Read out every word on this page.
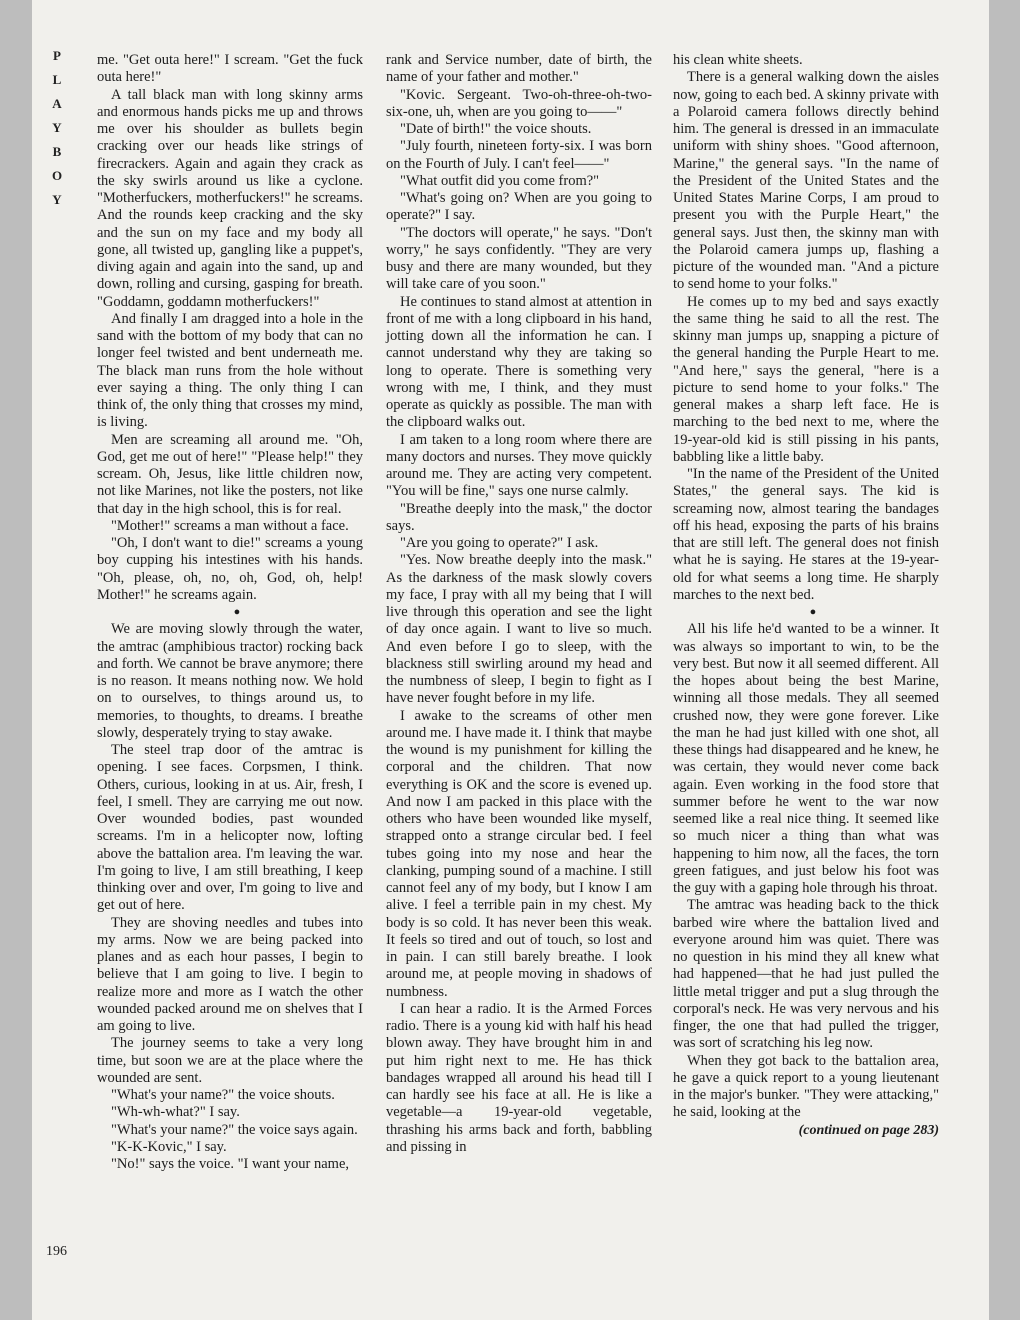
P
L
A
Y
B
O
Y
196

me. "Get outa here!" I scream. "Get the fuck outa here!"

A tall black man with long skinny arms and enormous hands picks me up and throws me over his shoulder as bullets begin cracking over our heads like strings of firecrackers. Again and again they crack as the sky swirls around us like a cyclone. "Motherfuckers, motherfuckers!" he screams. And the rounds keep cracking and the sky and the sun on my face and my body all gone, all twisted up, gangling like a puppet's, diving again and again into the sand, up and down, rolling and cursing, gasping for breath. "Goddamn, goddamn motherfuckers!"

And finally I am dragged into a hole in the sand with the bottom of my body that can no longer feel twisted and bent underneath me. The black man runs from the hole without ever saying a thing. The only thing I can think of, the only thing that crosses my mind, is living.

Men are screaming all around me. "Oh, God, get me out of here!" "Please help!" they scream. Oh, Jesus, like little children now, not like Marines, not like the posters, not like that day in the high school, this is for real.

"Mother!" screams a man without a face.

"Oh, I don't want to die!" screams a young boy cupping his intestines with his hands. "Oh, please, oh, no, oh, God, oh, help! Mother!" he screams again.

●

We are moving slowly through the water, the amtrac (amphibious tractor) rocking back and forth. We cannot be brave anymore; there is no reason. It means nothing now. We hold on to ourselves, to things around us, to memories, to thoughts, to dreams. I breathe slowly, desperately trying to stay awake.

The steel trap door of the amtrac is opening. I see faces. Corpsmen, I think. Others, curious, looking in at us. Air, fresh, I feel, I smell. They are carrying me out now. Over wounded bodies, past wounded screams. I'm in a helicopter now, lofting above the battalion area. I'm leaving the war. I'm going to live, I am still breathing, I keep thinking over and over, I'm going to live and get out of here.

They are shoving needles and tubes into my arms. Now we are being packed into planes and as each hour passes, I begin to believe that I am going to live. I begin to realize more and more as I watch the other wounded packed around me on shelves that I am going to live.

The journey seems to take a very long time, but soon we are at the place where the wounded are sent.

"What's your name?" the voice shouts.

"Wh-wh-what?" I say.

"What's your name?" the voice says again.

"K-K-Kovic," I say.

"No!" says the voice. "I want your name,

rank and Service number, date of birth, the name of your father and mother."

"Kovic. Sergeant. Two-oh-three-oh-two-six-one, uh, when are you going to——"

"Date of birth!" the voice shouts.

"July fourth, nineteen forty-six. I was born on the Fourth of July. I can't feel——"

"What outfit did you come from?"

"What's going on? When are you going to operate?" I say.

"The doctors will operate," he says. "Don't worry," he says confidently. "They are very busy and there are many wounded, but they will take care of you soon."

He continues to stand almost at attention in front of me with a long clipboard in his hand, jotting down all the information he can. I cannot understand why they are taking so long to operate. There is something very wrong with me, I think, and they must operate as quickly as possible. The man with the clipboard walks out.

I am taken to a long room where there are many doctors and nurses. They move quickly around me. They are acting very competent. "You will be fine," says one nurse calmly.

"Breathe deeply into the mask," the doctor says.

"Are you going to operate?" I ask.

"Yes. Now breathe deeply into the mask." As the darkness of the mask slowly covers my face, I pray with all my being that I will live through this operation and see the light of day once again. I want to live so much. And even before I go to sleep, with the blackness still swirling around my head and the numbness of sleep, I begin to fight as I have never fought before in my life.

I awake to the screams of other men around me. I have made it. I think that maybe the wound is my punishment for killing the corporal and the children. That now everything is OK and the score is evened up. And now I am packed in this place with the others who have been wounded like myself, strapped onto a strange circular bed. I feel tubes going into my nose and hear the clanking, pumping sound of a machine. I still cannot feel any of my body, but I know I am alive. I feel a terrible pain in my chest. My body is so cold. It has never been this weak. It feels so tired and out of touch, so lost and in pain. I can still barely breathe. I look around me, at people moving in shadows of numbness.

I can hear a radio. It is the Armed Forces radio. There is a young kid with half his head blown away. They have brought him in and put him right next to me. He has thick bandages wrapped all around his head till I can hardly see his face at all. He is like a vegetable—a 19-year-old vegetable, thrashing his arms back and forth, babbling and pissing in

his clean white sheets.

There is a general walking down the aisles now, going to each bed. A skinny private with a Polaroid camera follows directly behind him. The general is dressed in an immaculate uniform with shiny shoes. "Good afternoon, Marine," the general says. "In the name of the President of the United States and the United States Marine Corps, I am proud to present you with the Purple Heart," the general says. Just then, the skinny man with the Polaroid camera jumps up, flashing a picture of the wounded man. "And a picture to send home to your folks."

He comes up to my bed and says exactly the same thing he said to all the rest. The skinny man jumps up, snapping a picture of the general handing the Purple Heart to me. "And here," says the general, "here is a picture to send home to your folks." The general makes a sharp left face. He is marching to the bed next to me, where the 19-year-old kid is still pissing in his pants, babbling like a little baby.

"In the name of the President of the United States," the general says. The kid is screaming now, almost tearing the bandages off his head, exposing the parts of his brains that are still left. The general does not finish what he is saying. He stares at the 19-year-old for what seems a long time. He sharply marches to the next bed.

●

All his life he'd wanted to be a winner. It was always so important to win, to be the very best. But now it all seemed different. All the hopes about being the best Marine, winning all those medals. They all seemed crushed now, they were gone forever. Like the man he had just killed with one shot, all these things had disappeared and he knew, he was certain, they would never come back again. Even working in the food store that summer before he went to the war now seemed like a real nice thing. It seemed like so much nicer a thing than what was happening to him now, all the faces, the torn green fatigues, and just below his foot was the guy with a gaping hole through his throat.

The amtrac was heading back to the thick barbed wire where the battalion lived and everyone around him was quiet. There was no question in his mind they all knew what had happened—that he had just pulled the little metal trigger and put a slug through the corporal's neck. He was very nervous and his finger, the one that had pulled the trigger, was sort of scratching his leg now.

When they got back to the battalion area, he gave a quick report to a young lieutenant in the major's bunker. "They were attacking," he said, looking at the

(continued on page 283)
